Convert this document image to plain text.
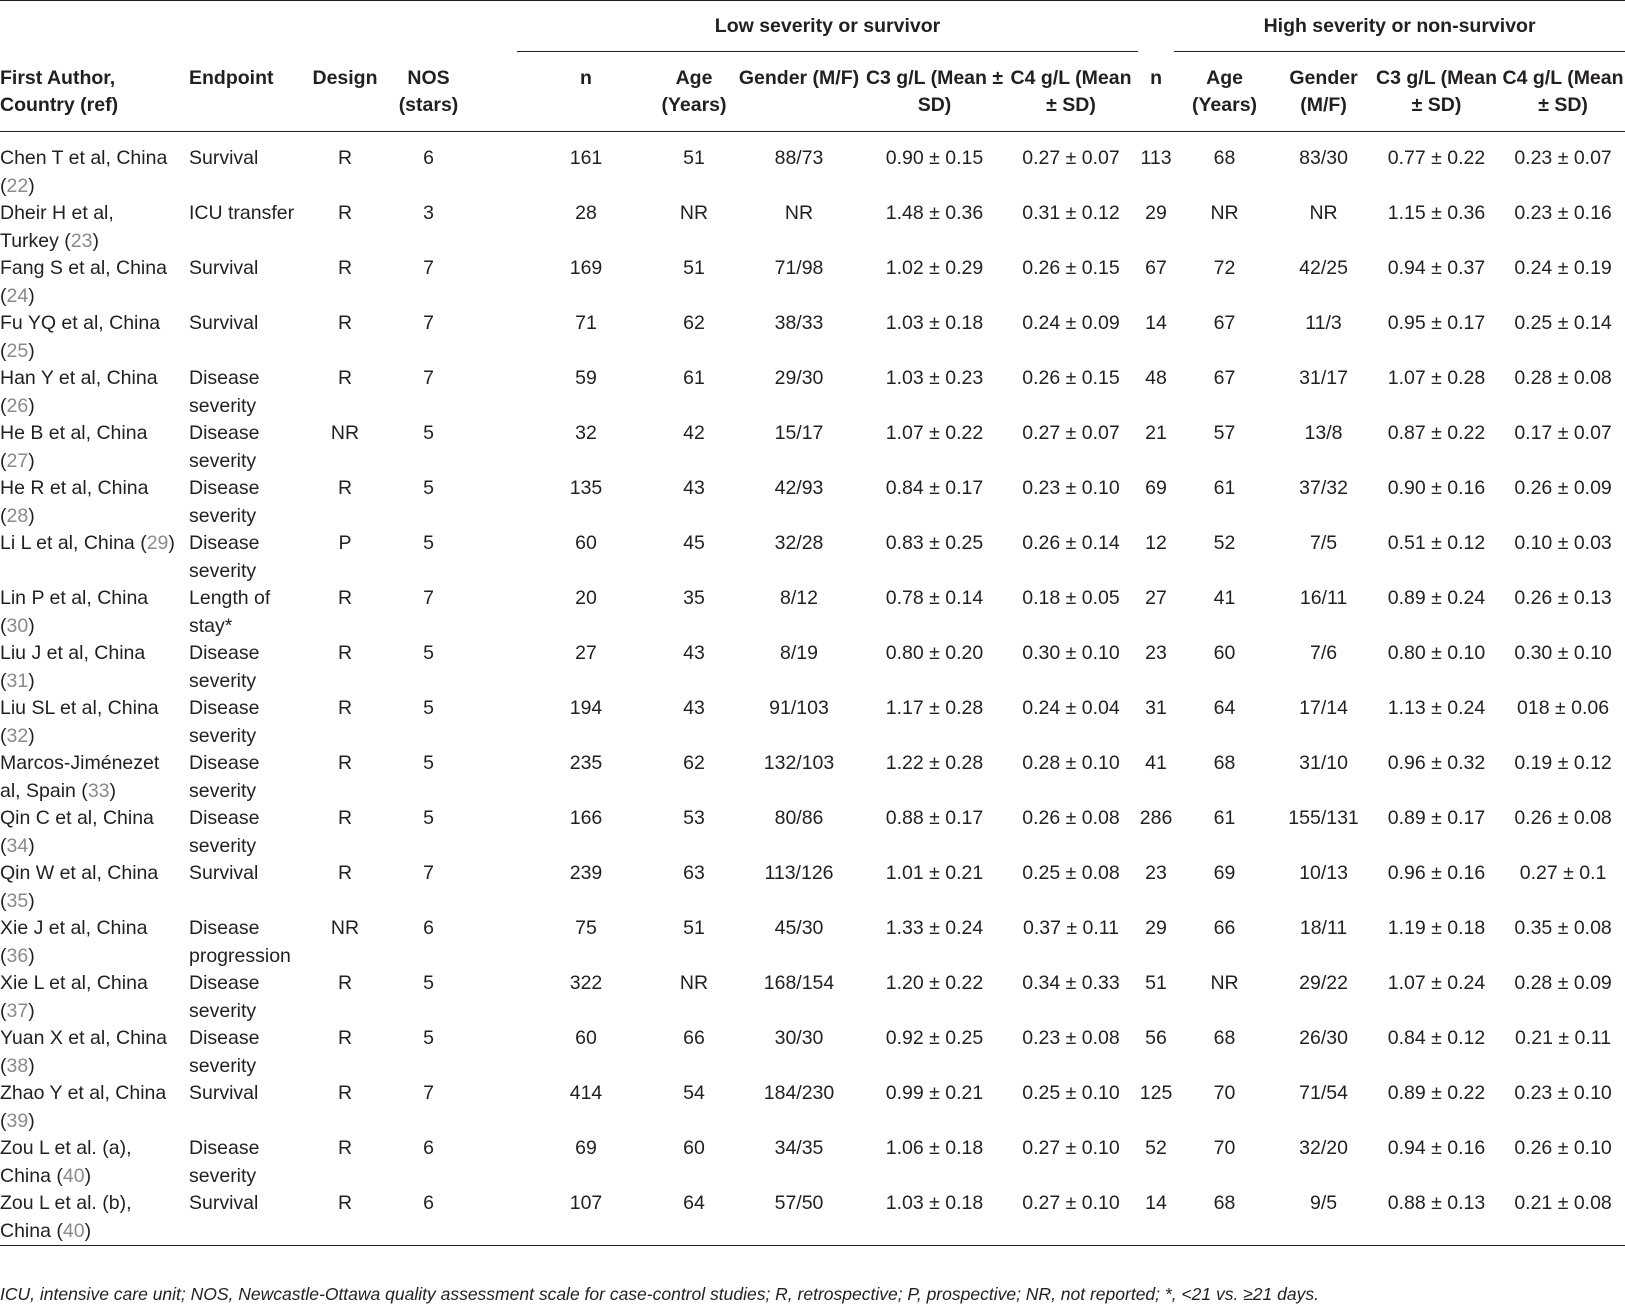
					Low severity or survivor						High severity or non-survivor			
First Author, Country (ref)	Endpoint	Design	NOS (stars)		n	Age (Years)	Gender (M/F)	C3 g/L (Mean ± SD)	C4 g/L (Mean ± SD)	n	Age (Years)	Gender (M/F)	C3 g/L (Mean ± SD)	C4 g/L (Mean ± SD)
Chen T et al, China (22)	Survival	R	6		161	51	88/73	0.90 ± 0.15	0.27 ± 0.07	113	68	83/30	0.77 ± 0.22	0.23 ± 0.07
Dheir H et al, Turkey (23)	ICU transfer	R	3		28	NR	NR	1.48 ± 0.36	0.31 ± 0.12	29	NR	NR	1.15 ± 0.36	0.23 ± 0.16
Fang S et al, China (24)	Survival	R	7		169	51	71/98	1.02 ± 0.29	0.26 ± 0.15	67	72	42/25	0.94 ± 0.37	0.24 ± 0.19
Fu YQ et al, China (25)	Survival	R	7		71	62	38/33	1.03 ± 0.18	0.24 ± 0.09	14	67	11/3	0.95 ± 0.17	0.25 ± 0.14
Han Y et al, China (26)	Disease severity	R	7		59	61	29/30	1.03 ± 0.23	0.26 ± 0.15	48	67	31/17	1.07 ± 0.28	0.28 ± 0.08
He B et al, China (27)	Disease severity	NR	5		32	42	15/17	1.07 ± 0.22	0.27 ± 0.07	21	57	13/8	0.87 ± 0.22	0.17 ± 0.07
He R et al, China (28)	Disease severity	R	5		135	43	42/93	0.84 ± 0.17	0.23 ± 0.10	69	61	37/32	0.90 ± 0.16	0.26 ± 0.09
Li L et al, China (29)	Disease severity	P	5		60	45	32/28	0.83 ± 0.25	0.26 ± 0.14	12	52	7/5	0.51 ± 0.12	0.10 ± 0.03
Lin P et al, China (30)	Length of stay*	R	7		20	35	8/12	0.78 ± 0.14	0.18 ± 0.05	27	41	16/11	0.89 ± 0.24	0.26 ± 0.13
Liu J et al, China (31)	Disease severity	R	5		27	43	8/19	0.80 ± 0.20	0.30 ± 0.10	23	60	7/6	0.80 ± 0.10	0.30 ± 0.10
Liu SL et al, China (32)	Disease severity	R	5		194	43	91/103	1.17 ± 0.28	0.24 ± 0.04	31	64	17/14	1.13 ± 0.24	018 ± 0.06
Marcos-Jiménezet al, Spain (33)	Disease severity	R	5		235	62	132/103	1.22 ± 0.28	0.28 ± 0.10	41	68	31/10	0.96 ± 0.32	0.19 ± 0.12
Qin C et al, China (34)	Disease severity	R	5		166	53	80/86	0.88 ± 0.17	0.26 ± 0.08	286	61	155/131	0.89 ± 0.17	0.26 ± 0.08
Qin W et al, China (35)	Survival	R	7		239	63	113/126	1.01 ± 0.21	0.25 ± 0.08	23	69	10/13	0.96 ± 0.16	0.27 ± 0.1
Xie J et al, China (36)	Disease progression	NR	6		75	51	45/30	1.33 ± 0.24	0.37 ± 0.11	29	66	18/11	1.19 ± 0.18	0.35 ± 0.08
Xie L et al, China (37)	Disease severity	R	5		322	NR	168/154	1.20 ± 0.22	0.34 ± 0.33	51	NR	29/22	1.07 ± 0.24	0.28 ± 0.09
Yuan X et al, China (38)	Disease severity	R	5		60	66	30/30	0.92 ± 0.25	0.23 ± 0.08	56	68	26/30	0.84 ± 0.12	0.21 ± 0.11
Zhao Y et al, China (39)	Survival	R	7		414	54	184/230	0.99 ± 0.21	0.25 ± 0.10	125	70	71/54	0.89 ± 0.22	0.23 ± 0.10
Zou L et al. (a), China (40)	Disease severity	R	6		69	60	34/35	1.06 ± 0.18	0.27 ± 0.10	52	70	32/20	0.94 ± 0.16	0.26 ± 0.10
Zou L et al. (b), China (40)	Survival	R	6		107	64	57/50	1.03 ± 0.18	0.27 ± 0.10	14	68	9/5	0.88 ± 0.13	0.21 ± 0.08
ICU, intensive care unit; NOS, Newcastle-Ottawa quality assessment scale for case-control studies; R, retrospective; P, prospective; NR, not reported; *, <21 vs. ≥21 days.
